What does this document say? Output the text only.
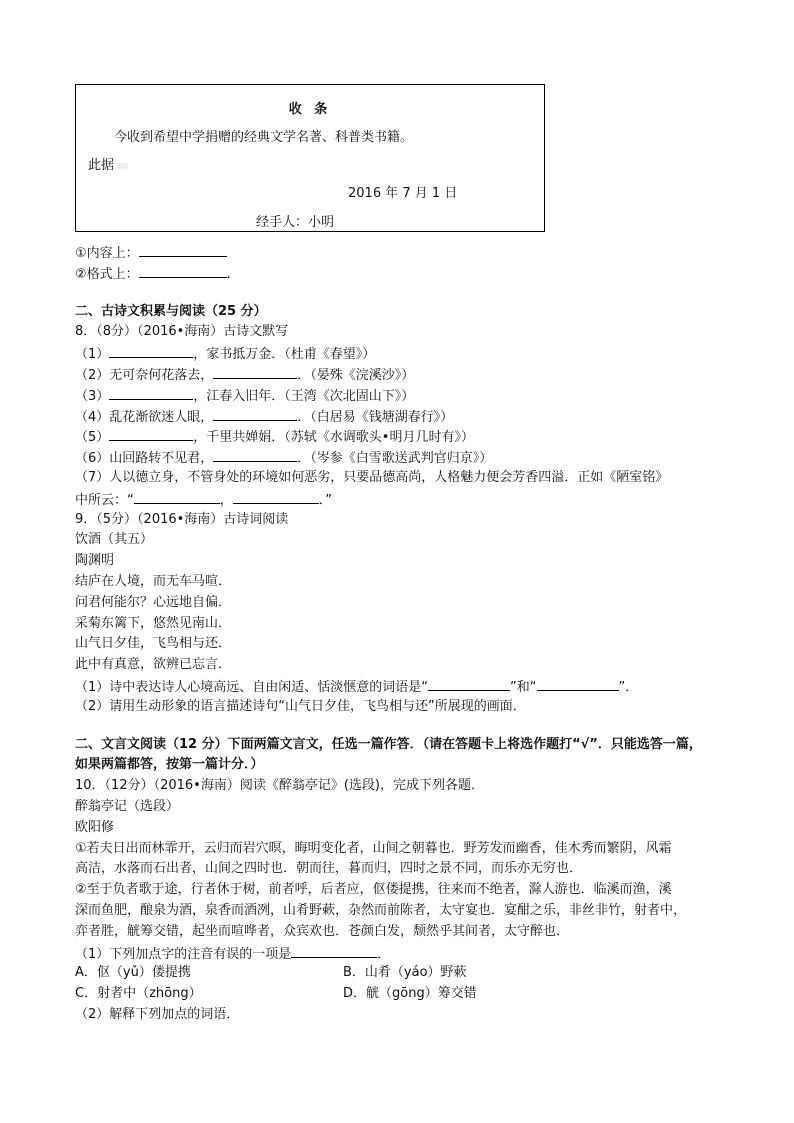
收 条
今收到希望中学捐赠的经典文学名著、科普类书籍。
此据
2016 年 7 月 1 日
经手人：小明
①内容上：
②格式上：	.
二、古诗文积累与阅读（25 分）
8．（8分）（2016•海南）古诗文默写
（1）	，家书抵万金．（杜甫《春望》）
（2）无可奈何花落去，	．（晏殊《浣溪沙》）
（3）	，江春入旧年．（王湾《次北固山下》）
（4）乱花渐欲迷人眼，	．（白居易《钱塘湖春行》）
（5）	，千里共婵娟．（苏轼《水调歌头•明月几时有》）
（6）山回路转不见君，	．（岑参《白雪歌送武判官归京》）
（7）人以德立身，不管身处的环境如何恶劣，只要品德高尚，人格魅力便会芳香四溢．正如《陋室铭》
中所云：“	，	．”
9．（5分）（2016•海南）古诗词阅读
饮酒（其五）
陶渊明
结庐在人境，而无车马喧．
问君何能尔？心远地自偏．
采菊东篱下，悠然见南山．
山气日夕佳，飞鸟相与还．
此中有真意，欲辨已忘言．
（1）诗中表达诗人心境高远、自由闲适、恬淡惬意的词语是“	”和“	”．
（2）请用生动形象的语言描述诗句“山气日夕佳，飞鸟相与还”所展现的画面．
二、文言文阅读（12 分）下面两篇文言文，任选一篇作答．（请在答题卡上将选作题打“√”．只能选答一篇，
如果两篇都答，按第一篇计分．）
10．（12分）（2016•海南）阅读《醉翁亭记》(选段)，完成下列各题．
醉翁亭记（选段）
欧阳修
①若夫日出而林霏开，云归而岩穴暝，晦明变化者，山间之朝暮也．野芳发而幽香，佳木秀而繁阴，风霜
高洁，水落而石出者，山间之四时也．朝而往，暮而归，四时之景不同，而乐亦无穷也．
②至于负者歌于途，行者休于树，前者呼，后者应，伛偻提携，往来而不绝者，滁人游也．临溪而渔，溪
深而鱼肥，酿泉为酒，泉香而酒冽，山肴野蔌，杂然而前陈者，太守宴也．宴酣之乐，非丝非竹，射者中，
弈者胜，觥筹交错，起坐而喧哗者，众宾欢也．苍颜白发，颓然乎其间者，太守醉也．
（1）下列加点字的注音有误的一项是	．
A．伛（yǔ）偻提携	B．山肴（yáo）野蔌
C．射者中（zhōng）	D．觥（gōng）筹交错
（2）解释下列加点的词语．
